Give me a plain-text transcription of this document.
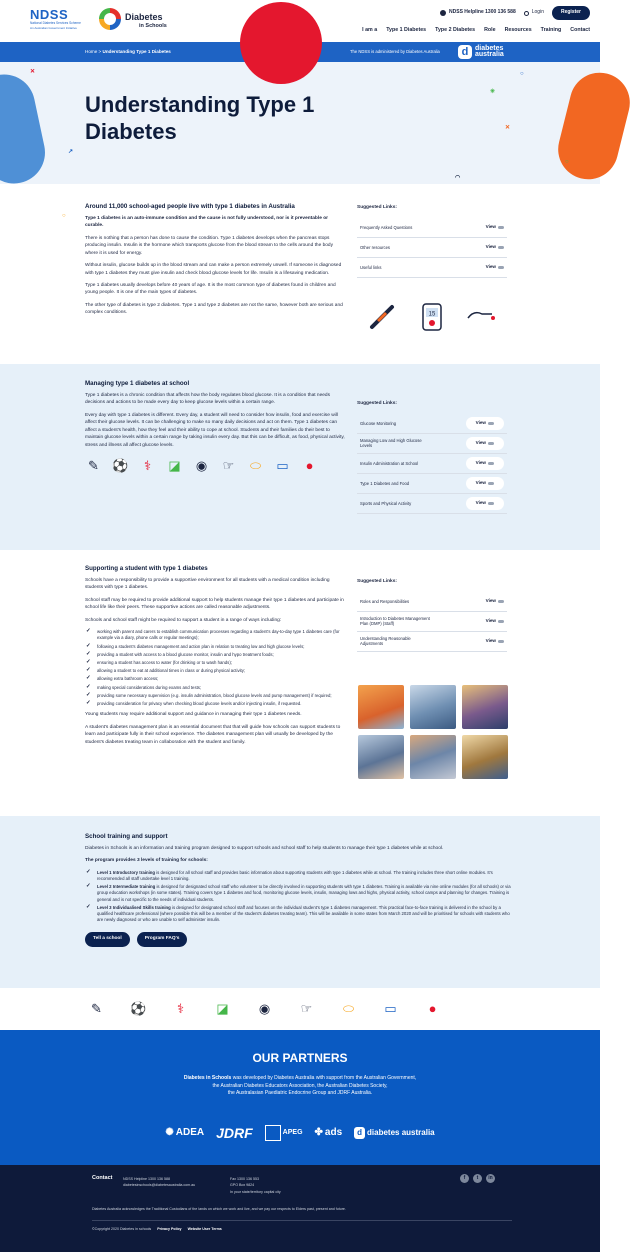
NDSS
National Diabetes Services Scheme
An Australian Government Initiative
Diabetes
in Schools
NDSS Helpline 1300 136 588	Login	Register
I am a Type 1 Diabetes Type 2 Diabetes Role Resources Training Contact
Home > Understanding Type 1 Diabetes	The NDSS is administered by Diabetes Australia	d diabetes
australia
✕
○
↗
✳
○
✕
◠
○
Understanding Type 1 Diabetes
Around 11,000 school-aged people live with type 1 diabetes in Australia

Type 1 diabetes is an auto-immune condition and the cause is not fully understood, nor is it preventable or curable.

There is nothing that a person has done to cause the condition. Type 1 diabetes develops when the pancreas stops producing insulin. Insulin is the hormone which transports glucose from the blood stream to the cells around the body where it is used for energy.

Without insulin, glucose builds up in the blood stream and can make a person extremely unwell. If someone is diagnosed with type 1 diabetes they must give insulin and check blood glucose levels for life. Insulin is a lifesaving medication.

Type 1 diabetes usually develops before 40 years of age. It is the most common type of diabetes found in children and young people. It is one of the main types of diabetes.

The other type of diabetes is type 2 diabetes. Type 1 and type 2 diabetes are not the same, however both are serious and complex conditions.

Suggested Links:
Frequently Asked Questions	View
Other resources	View
Useful links	View
15
Managing type 1 diabetes at school

Type 1 diabetes is a chronic condition that affects how the body regulates blood glucose. It is a condition that needs decisions and actions to be made every day to keep glucose levels within a certain range.

Every day with type 1 diabetes is different. Every day, a student will need to consider how insulin, food and exercise will affect their glucose levels. It can be challenging to make so many daily decisions and act on them. Type 1 diabetes can affect a student's health, how they feel and their ability to cope at school. Students and their families do their best to maintain glucose levels within a certain range by taking insulin every day. But this can be difficult, as food, physical activity, stress and illness all affect glucose levels.

✎ ⚽	⚕	◪ ◉ ☞ ⬭ ▭	●
Suggested Links:
Glucose Monitoring	View
Managing Low and High Glucose Levels
View
Insulin Administration at School	View
Type 1 Diabetes and Food	View
Sports and Physical Activity	View
Supporting a student with type 1 diabetes

Schools have a responsibility to provide a supportive environment for all students with a medical condition including students with type 1 diabetes.

School staff may be required to provide additional support to help students manage their type 1 diabetes and participate in school life like their peers. These supportive actions are called reasonable adjustments.

Schools and school staff might be required to support a student in a range of ways including:

✓ working with parent and carers to establish communication processes regarding a student's day-to-day type 1 diabetes care (for example via a diary, phone calls or regular meetings);
✓ following a student's diabetes management and action plan in relation to treating low and high glucose levels;
✓ providing a student with access to a blood glucose monitor, insulin and hypo treatment foods;
✓ ensuring a student has access to water (for drinking or to wash hands);
✓ allowing a student to eat at additional times in class or during physical activity;
✓ allowing extra bathroom access;
✓ making special considerations during exams and tests;
✓ providing some necessary supervision (e.g. insulin administration, blood glucose levels and pump management) if required;
✓ providing consideration for privacy when checking blood glucose levels and/or injecting insulin, if requested.

Young students may require additional support and guidance in managing their type 1 diabetes needs.

A student's diabetes management plan is an essential document that that will guide how schools can support students to learn and participate fully in their school experience. The diabetes management plan will usually be developed by the student's diabetes treating team in collaboration with the student and family.

Suggested Links:
Roles and Responsibilities	View
Introduction to Diabetes Management Plan (DMP) (Staff)
View
Understanding Reasonable Adjustments
View
School training and support

Diabetes in Schools is an information and training program designed to support schools and school staff to help students to manage their type 1 diabetes while at school.

The program provides 3 levels of training for schools:

✓ Level 1 Introductory training is designed for all school staff and provides basic information about supporting students with type 1 diabetes while at school. The training includes three short online modules. It's recommended all staff undertake level 1 training.
✓ Level 2 Intermediate training is designed for designated school staff who volunteer to be directly involved in supporting students with type 1 diabetes. Training is available via nine online modules (for all schools) or via group education workshops (in some states). Training covers type 1 diabetes and food, monitoring glucose levels, insulin, managing lows and highs, physical activity, school camps and planning for changes. Training is general and is not specific to the needs of individual students.
✓ Level 3 Individualised Skills training is designed for designated school staff and focuses on the individual student's type 1 diabetes management. This practical face-to-face training is delivered in the school by a qualified healthcare professional (where possible this will be a member of the student's diabetes treating team). This will be available in some states from March 2020 and will be prioritised for schools with students who are newly diagnosed or who are unable to self administer insulin.
Tell a school	Program FAQ's
✎ ⚽	⚕	◪ ◉ ☞ ⬭ ▭	●
OUR PARTNERS

Diabetes in Schools was developed by Diabetes Australia with support from the Australian Government,
the Australian Diabetes Educators Association, the Australian Diabetes Society,
the Australasian Paediatric Endocrine Group and JDRF Australia.

✺ ADEA JDRF	APEG ✤ ads	d diabetes australia
Contact	NDSS Helpline 1300 136 588
diabetesinschools@diabetesaustralia.com.au
Fax 1300 136 553
GPO Box 9824
In your state/territory capital city
f	t	in
Diabetes Australia acknowledges the Traditional Custodians of the lands on which we work and live, and we pay our respects to Elders past, present and future.
©Copyright 2020 Diabetes in schools Privacy Policy Website User Terms
